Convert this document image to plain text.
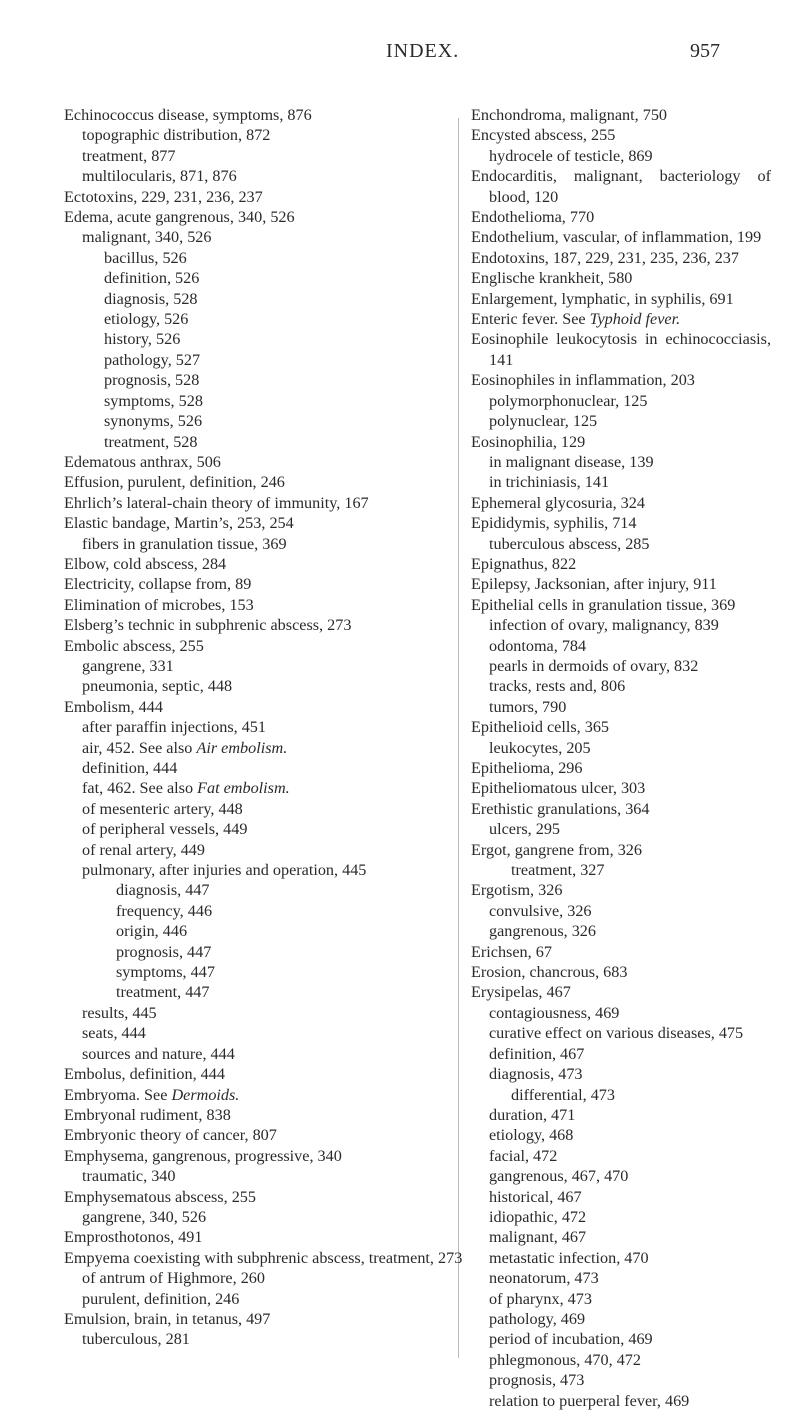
INDEX.	957
Echinococcus disease, symptoms, 876
topographic distribution, 872
treatment, 877
multilocularis, 871, 876
Ectotoxins, 229, 231, 236, 237
Edema, acute gangrenous, 340, 526
malignant, 340, 526
bacillus, 526
definition, 526
diagnosis, 528
etiology, 526
history, 526
pathology, 527
prognosis, 528
symptoms, 528
synonyms, 526
treatment, 528
Edematous anthrax, 506
Effusion, purulent, definition, 246
Ehrlich’s lateral-chain theory of immunity, 167
Elastic bandage, Martin’s, 253, 254
fibers in granulation tissue, 369
Elbow, cold abscess, 284
Electricity, collapse from, 89
Elimination of microbes, 153
Elsberg’s technic in subphrenic abscess, 273
Embolic abscess, 255
gangrene, 331
pneumonia, septic, 448
Embolism, 444
after paraffin injections, 451
air, 452. See also Air embolism.
definition, 444
fat, 462. See also Fat embolism.
of mesenteric artery, 448
of peripheral vessels, 449
of renal artery, 449
pulmonary, after injuries and operation, 445
diagnosis, 447
frequency, 446
origin, 446
prognosis, 447
symptoms, 447
treatment, 447
results, 445
seats, 444
sources and nature, 444
Embolus, definition, 444
Embryoma. See Dermoids.
Embryonal rudiment, 838
Embryonic theory of cancer, 807
Emphysema, gangrenous, progressive, 340
traumatic, 340
Emphysematous abscess, 255
gangrene, 340, 526
Emprosthotonos, 491
Empyema coexisting with subphrenic abscess, treatment, 273
of antrum of Highmore, 260
purulent, definition, 246
Emulsion, brain, in tetanus, 497
tuberculous, 281
Enchondroma, malignant, 750
Encysted abscess, 255
hydrocele of testicle, 869
Endocarditis, malignant, bacteriology of blood, 120
Endothelioma, 770
Endothelium, vascular, of inflammation, 199
Endotoxins, 187, 229, 231, 235, 236, 237
Englische krankheit, 580
Enlargement, lymphatic, in syphilis, 691
Enteric fever. See Typhoid fever.
Eosinophile leukocytosis in echinococciasis, 141
Eosinophiles in inflammation, 203
polymorphonuclear, 125
polynuclear, 125
Eosinophilia, 129
in malignant disease, 139
in trichiniasis, 141
Ephemeral glycosuria, 324
Epididymis, syphilis, 714
tuberculous abscess, 285
Epignathus, 822
Epilepsy, Jacksonian, after injury, 911
Epithelial cells in granulation tissue, 369
infection of ovary, malignancy, 839
odontoma, 784
pearls in dermoids of ovary, 832
tracks, rests and, 806
tumors, 790
Epithelioid cells, 365
leukocytes, 205
Epithelioma, 296
Epitheliomatous ulcer, 303
Erethistic granulations, 364
ulcers, 295
Ergot, gangrene from, 326
treatment, 327
Ergotism, 326
convulsive, 326
gangrenous, 326
Erichsen, 67
Erosion, chancrous, 683
Erysipelas, 467
contagiousness, 469
curative effect on various diseases, 475
definition, 467
diagnosis, 473
differential, 473
duration, 471
etiology, 468
facial, 472
gangrenous, 467, 470
historical, 467
idiopathic, 472
malignant, 467
metastatic infection, 470
neonatorum, 473
of pharynx, 473
pathology, 469
period of incubation, 469
phlegmonous, 470, 472
prognosis, 473
relation to puerperal fever, 469
